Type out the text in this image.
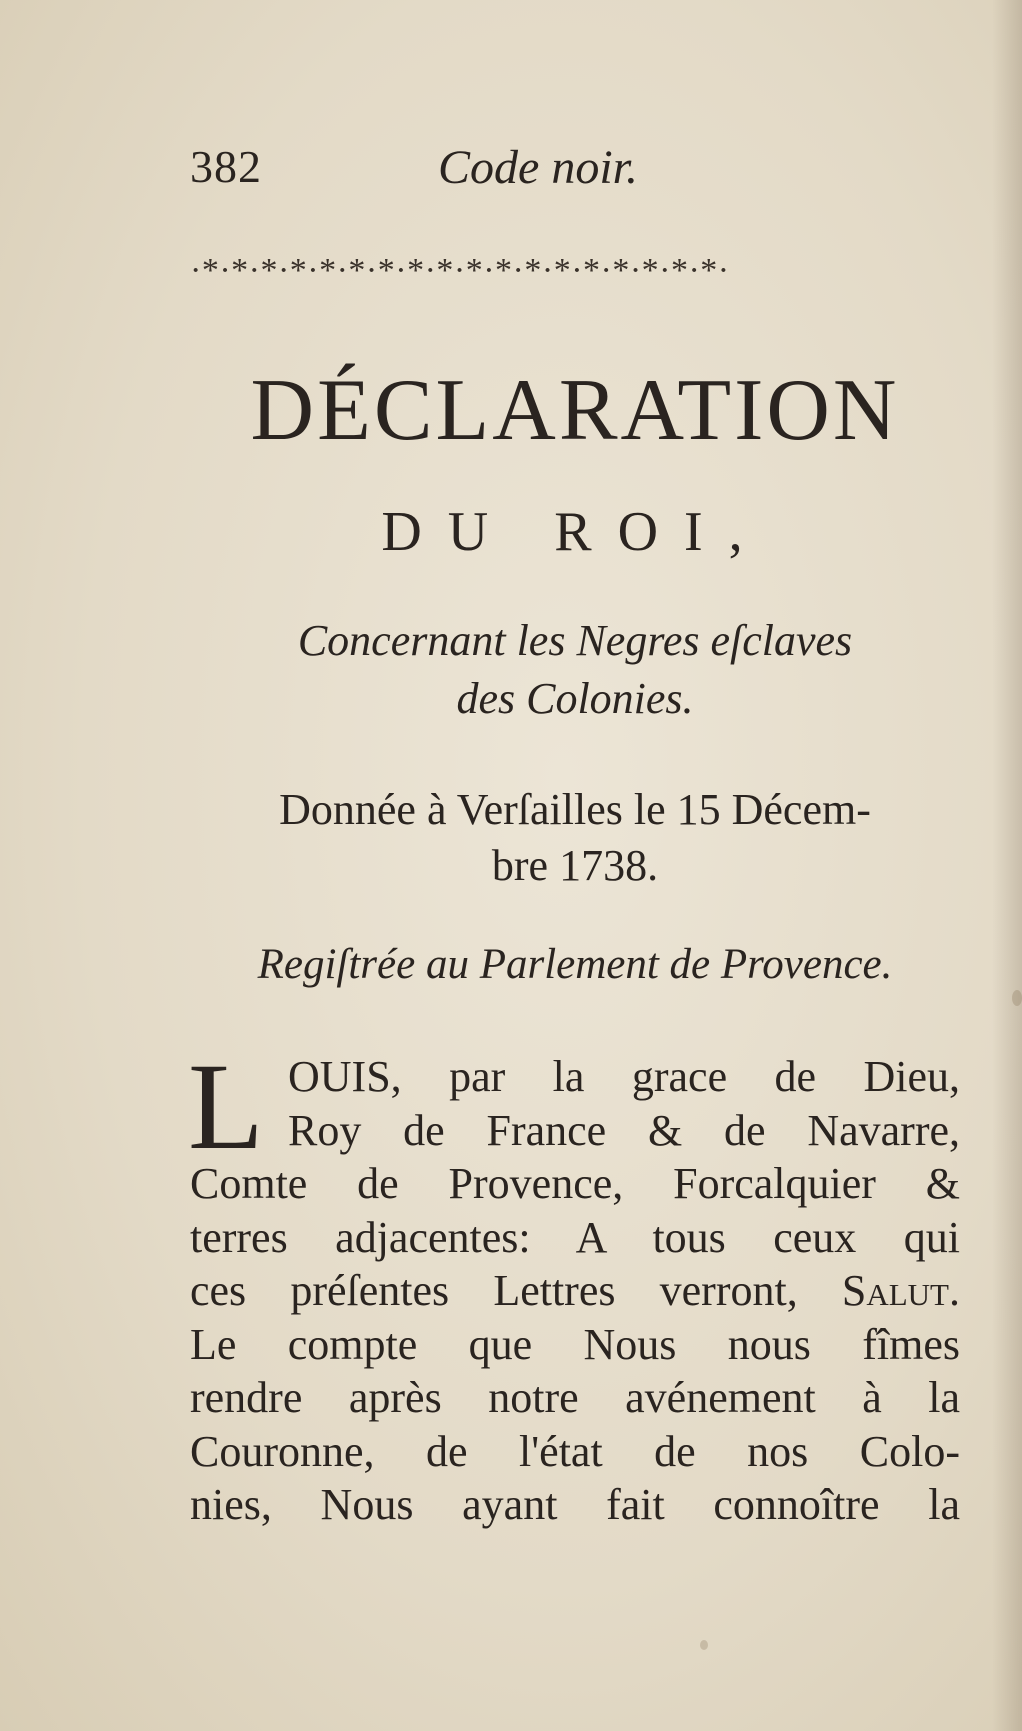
382	Code noir.
·*·*·*·*·*·*·*·*·*·*·*·*·*·*·*·*·*·*·
DÉCLARATION
DU ROI,
Concernant les Negres eſclaves
des Colonies.
Donnée à Verſailles le 15 Décem-
bre 1738.
Regiſtrée au Parlement de Provence.
L OUIS, par la grace de Dieu,
Roy de France & de Navarre,
Comte de Provence, Forcalquier &
terres adjacentes: A tous ceux qui
ces préſentes Lettres verront, Salut.
Le compte que Nous nous fîmes
rendre après notre avénement à la
Couronne, de l'état de nos Colo-
nies, Nous ayant fait connoître la
